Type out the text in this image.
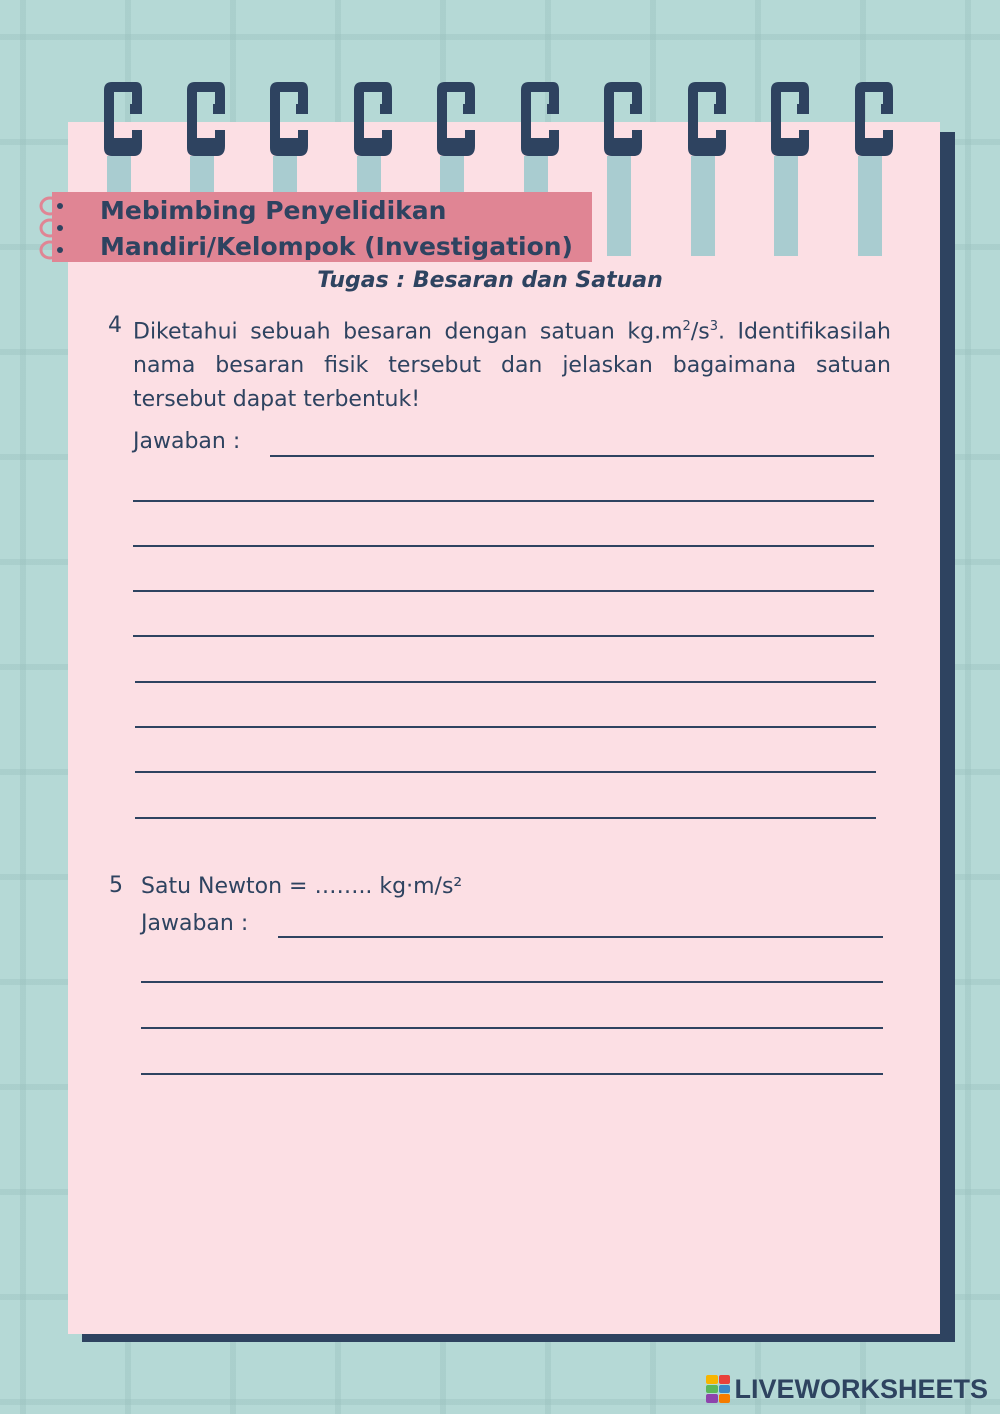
Mebimbing Penyelidikan
Mandiri/Kelompok (Investigation)
Tugas : Besaran dan Satuan
4 Diketahui sebuah besaran dengan satuan $kg.m^2/s^3$. Identifikasilah nama besaran fisik tersebut dan jelaskan bagaimana satuan tersebut dapat terbentuk!
Jawaban :
5 Satu Newton = …….. kg·m/s²
Jawaban :
LIVEWORKSHEETS
